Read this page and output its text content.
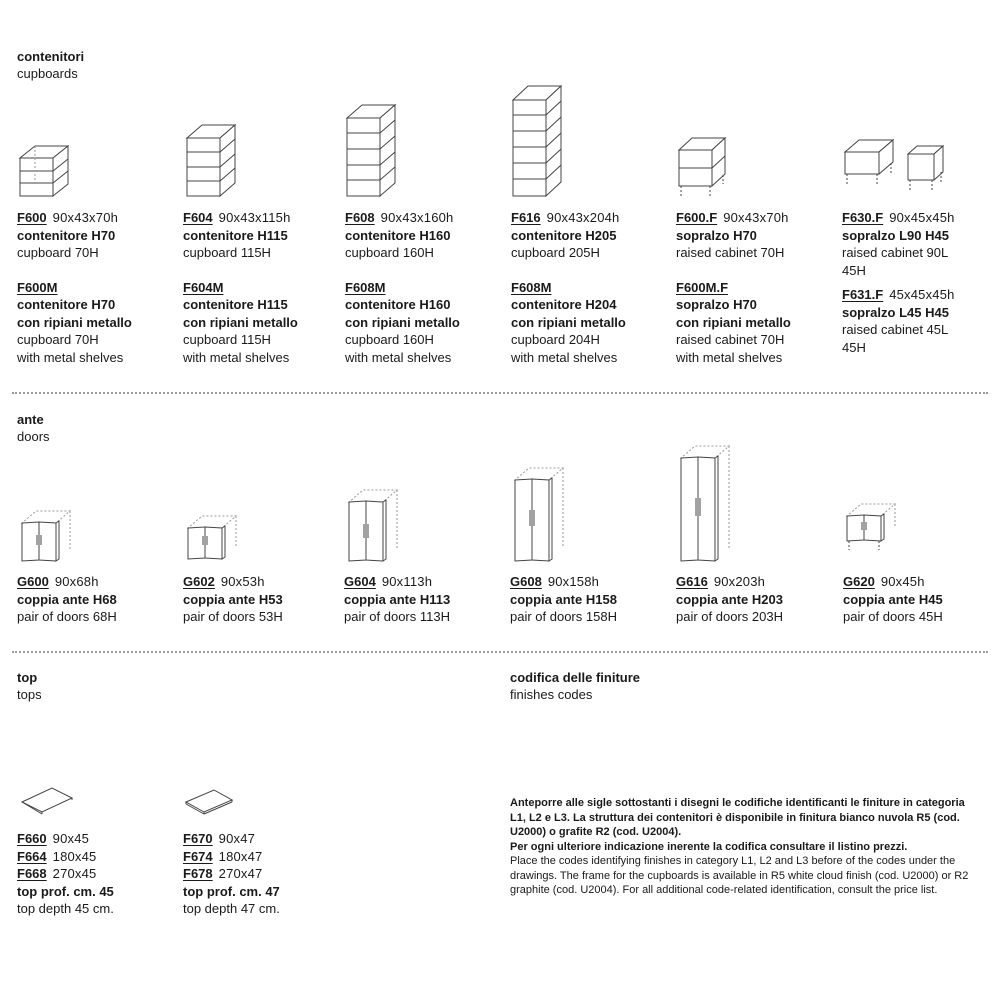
contenitori
cupboards
ante
doors
top
tops
codifica delle finiture
finishes codes
F600 90x43x70h
contenitore H70
cupboard 70H
F600M
contenitore H70
con ripiani metallo
cupboard 70H
with metal shelves
F604 90x43x115h
contenitore H115
cupboard 115H
F604M
contenitore H115
con ripiani metallo
cupboard 115H
with metal shelves
F608 90x43x160h
contenitore H160
cupboard 160H
F608M
contenitore H160
con ripiani metallo
cupboard 160H
with metal shelves
F616 90x43x204h
contenitore H205
cupboard 205H
F608M
contenitore H204
con ripiani metallo
cupboard 204H
with metal shelves
F600.F 90x43x70h
sopralzo H70
raised cabinet 70H
F600M.F
sopralzo H70
con ripiani metallo
raised cabinet 70H
with metal shelves
F630.F 90x45x45h
sopralzo L90 H45
raised cabinet 90L
45H
F631.F 45x45x45h
sopralzo L45 H45
raised cabinet 45L
45H
G600 90x68h
coppia ante H68
pair of doors 68H
G602 90x53h
coppia ante H53
pair of doors 53H
G604 90x113h
coppia ante H113
pair of doors 113H
G608 90x158h
coppia ante H158
pair of doors 158H
G616 90x203h
coppia ante H203
pair of doors 203H
G620 90x45h
coppia ante H45
pair of doors 45H
F660 90x45
F664 180x45
F668 270x45
top prof. cm. 45
top depth 45 cm.
F670 90x47
F674 180x47
F678 270x47
top prof. cm. 47
top depth 47 cm.
Anteporre alle sigle sottostanti i disegni le codifiche identificanti le finiture in categoria L1, L2 e L3. La struttura dei contenitori è disponibile in finitura bianco nuvola R5 (cod. U2000) o grafite R2 (cod. U2004).
Per ogni ulteriore indicazione inerente la codifica consultare il listino prezzi.
Place the codes identifying finishes in category L1, L2 and L3 before of the codes under the drawings. The frame for the cupboards is available in R5 white cloud finish (cod. U2000) or R2 graphite (cod. U2004). For all additional code-related identification, consult the price list.
